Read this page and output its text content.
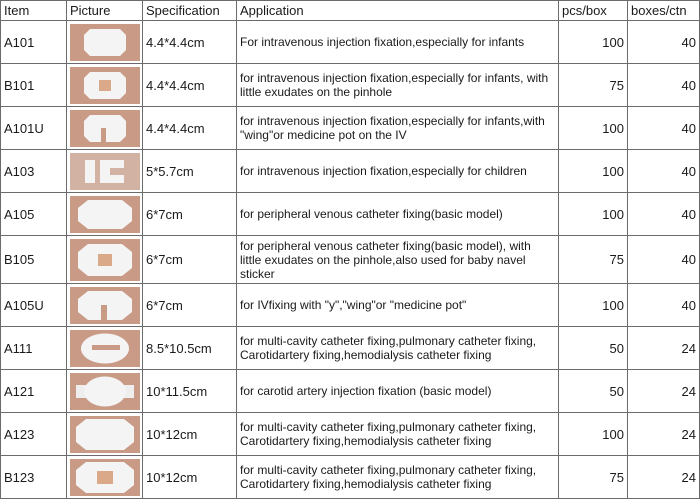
Item	Picture	Specification	Application	pcs/box	boxes/ctn
A101		4.4*4.4cm	For intravenous injection fixation,especially for infants	100	40
B101		4.4*4.4cm	for intravenous injection fixation,especially for infants, with little exudates on the pinhole	75	40
A101U		4.4*4.4cm	for intravenous injection fixation,especially for infants,with "wing"or medicine pot on the IV	100	40
A103		5*5.7cm	for intravenous injection fixation,especially for children	100	40
A105		6*7cm	for peripheral venous catheter fixing(basic model)	100	40
B105		6*7cm	for peripheral venous catheter fixing(basic model), with little exudates on the pinhole,also used for baby navel sticker	75	40
A105U		6*7cm	for IVfixing with "y","wing"or "medicine pot"	100	40
A111		8.5*10.5cm	for multi-cavity catheter fixing,pulmonary catheter fixing, Carotidartery fixing,hemodialysis catheter fixing	50	24
A121		10*11.5cm	for carotid artery injection fixation (basic model)	50	24
A123		10*12cm	for multi-cavity catheter fixing,pulmonary catheter fixing, Carotidartery fixing,hemodialysis catheter fixing	100	24
B123		10*12cm	for multi-cavity catheter fixing,pulmonary catheter fixing, Carotidartery fixing,hemodialysis catheter fixing	75	24
